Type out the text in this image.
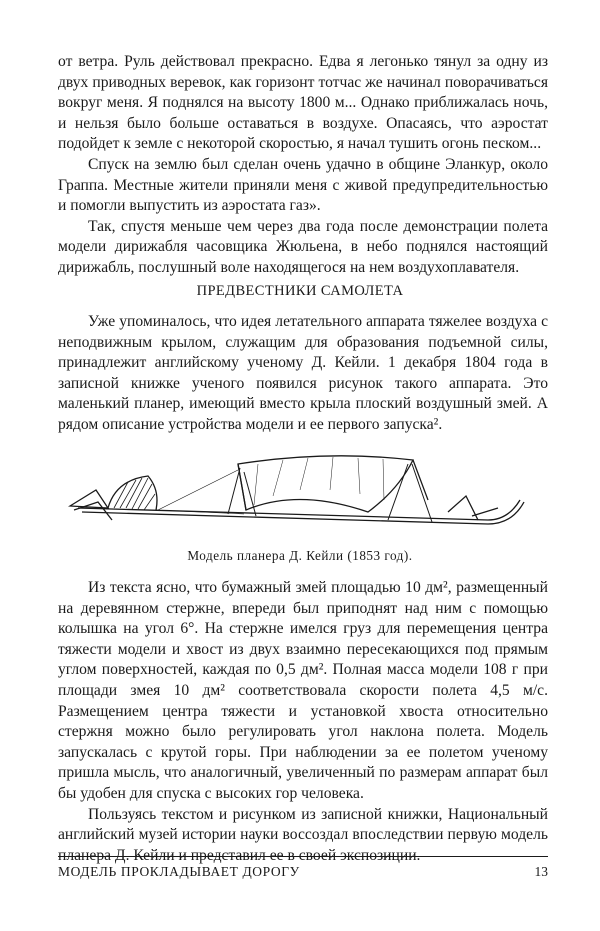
от ветра. Руль действовал прекрасно. Едва я легонько тянул за одну из двух приводных веревок, как горизонт тотчас же начинал поворачиваться вокруг меня. Я поднялся на высоту 1800 м... Однако приближалась ночь, и нельзя было больше оставаться в воздухе. Опасаясь, что аэростат подойдет к земле с некоторой скоростью, я начал тушить огонь песком...

Спуск на землю был сделан очень удачно в общине Эланкур, около Граппа. Местные жители приняли меня с живой предупредительностью и помогли выпустить из аэростата газ».

Так, спустя меньше чем через два года после демонстрации полета модели дирижабля часовщика Жюльена, в небо поднялся настоящий дирижабль, послушный воле находящегося на нем воздухоплавателя.

ПРЕДВЕСТНИКИ САМОЛЕТА

Уже упоминалось, что идея летательного аппарата тяжелее воздуха с неподвижным крылом, служащим для образования подъемной силы, принадлежит английскому ученому Д. Кейли. 1 декабря 1804 года в записной книжке ученого появился рисунок такого аппарата. Это маленький планер, имеющий вместо крыла плоский воздушный змей. А рядом описание устройства модели и ее первого запуска².

Модель планера Д. Кейли (1853 год).

Из текста ясно, что бумажный змей площадью 10 дм², размещенный на деревянном стержне, впереди был приподнят над ним с помощью колышка на угол 6°. На стержне имелся груз для перемещения центра тяжести модели и хвост из двух взаимно пересекающихся под прямым углом поверхностей, каждая по 0,5 дм². Полная масса модели 108 г при площади змея 10 дм² соответствовала скорости полета 4,5 м/с. Размещением центра тяжести и установкой хвоста относительно стержня можно было регулировать угол наклона полета. Модель запускалась с крутой горы. При наблюдении за ее полетом ученому пришла мысль, что аналогичный, увеличенный по размерам аппарат был бы удобен для спуска с высоких гор человека.

Пользуясь текстом и рисунком из записной книжки, Национальный английский музей истории науки воссоздал впоследствии первую модель планера Д. Кейли и представил ее в своей экспозиции.

МОДЕЛЬ ПРОКЛАДЫВАЕТ ДОРОГУ	13
